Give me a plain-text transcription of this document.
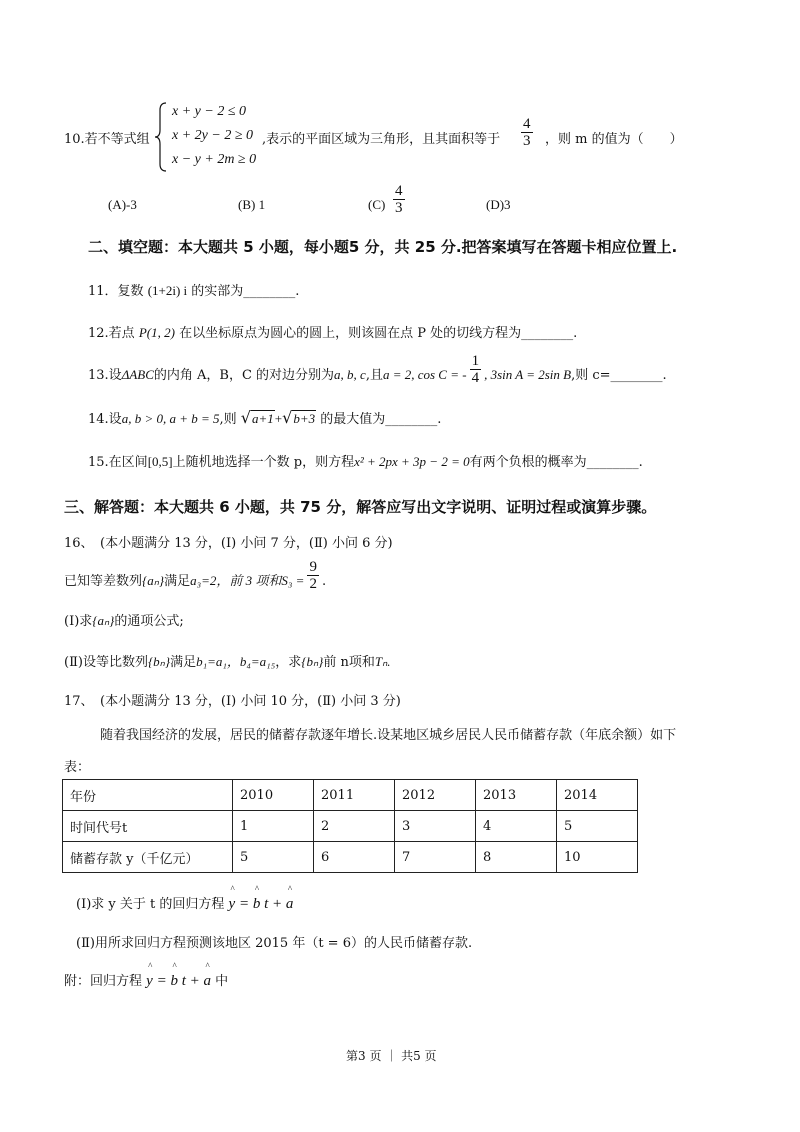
10.若不等式组
x + y − 2 ≤ 0
x + 2y − 2 ≥ 0
x − y + 2m ≥ 0
,表示的平面区域为三角形，且其面积等于 $\frac{4}{3}$ ，则 m 的值为（　　）
(A)-3	(B) 1	$(C) \frac{4}{3}$	(D)3
二、填空题：本大题共 5 小题，每小题5 分，共 25 分.把答案填写在答题卡相应位置上.
11．复数 (1+2i) i 的实部为________.
12.若点 P(1, 2) 在以坐标原点为圆心的圆上，则该圆在点 P 处的切线方程为________.
13.设ΔABC的内角 A，B，C 的对边分别为a, b, c,且a = 2, cos C = - $\frac{1}{4}$ , 3sin A = 2sin B,则 c=________.
14.设a, b > 0, a + b = 5,则 √a+1+√b+3 的最大值为________.
15.在区间[0,5]上随机地选择一个数 p，则方程x² + 2px + 3p − 2 = 0有两个负根的概率为________.
三、解答题：本大题共 6 小题，共 75 分，解答应写出文字说明、证明过程或演算步骤。
16、　(本小题满分 13 分，(Ⅰ) 小问 7 分，(Ⅱ) 小问 6 分)
已知等差数列{aₙ}满足a₃=2，前 3 项和$S_3 = \frac{9}{2}$ .
(Ⅰ)求{aₙ}的通项公式;
(Ⅱ)设等比数列{bₙ}满足b₁=a₁，b₄=a₁₅，求{bₙ}前 n项和Tₙ.
17、　(本小题满分 13 分，(Ⅰ) 小问 10 分，(Ⅱ) 小问 3 分)
随着我国经济的发展，居民的储蓄存款逐年增长.设某地区城乡居民人民币储蓄存款（年底余额）如下
表：
年份	2010	2011	2012	2013	2014
时间代号t	1	2	3	4	5
储蓄存款 y（千亿元）	5	6	7	8	10
(Ⅰ)求 y 关于 t 的回归方程 y
^
= b
^
t + a
^
(Ⅱ)用所求回归方程预测该地区 2015 年（t = 6）的人民币储蓄存款.
附：回归方程 y
^
= b
^
t + a
^
中
第3 页 ｜ 共5 页
